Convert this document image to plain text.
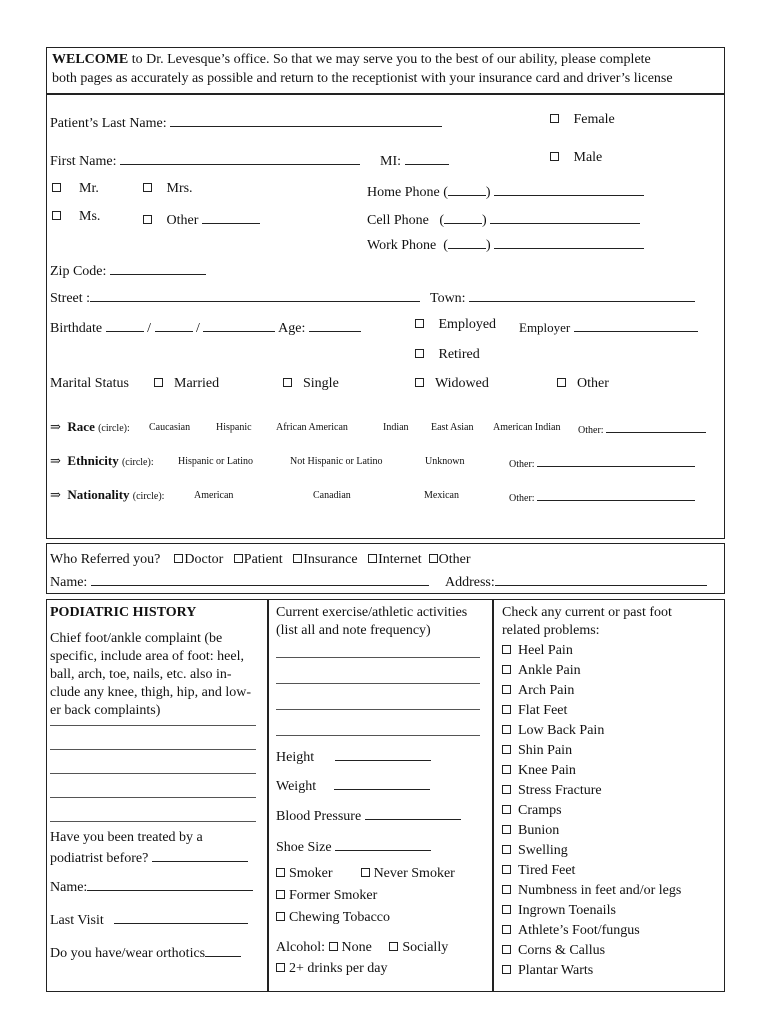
WELCOME to Dr. Levesque’s office. So that we may serve you to the best of our ability, please complete
both pages as accurately as possible and return to the receptionist with your insurance card and driver’s license
Patient’s Last Name:	Female
First Name:	MI:	Male
Mr.	Mrs.
Ms.	Other
Home Phone (	)
Cell Phone   (	)
Work Phone  (	)
Zip Code:
Street :	Town:
Birthdate	/	/	Age:	Employed Employer
Retired
Marital Status	Married	Single	Widowed	Other
⇒ Race (circle): Caucasian	Hispanic African American	Indian East Asian American Indian Other:
⇒ Ethnicity (circle): Hispanic or Latino	Not Hispanic or Latino	Unknown	Other:
⇒ Nationality (circle):	American	Canadian	Mexican	Other:
Who Referred you? Doctor Patient Insurance Internet Other
Name:	Address:
PODIATRIC HISTORY
Chief foot/ankle complaint (be
specific, include area of foot: heel,
ball, arch, toe, nails, etc. also in-
clude any knee, thigh, hip, and low-
er back complaints)
Have you been treated by a
podiatrist before?
Name:
Last Visit
Do you have/wear orthotics
Current exercise/athletic activities
(list all and note frequency)
Height
Weight
Blood Pressure
Shoe Size
Smoker	Never Smoker
Former Smoker
Chewing Tobacco
Alcohol: None Socially
2+ drinks per day
Check any current or past foot
related problems:
Heel Pain
Ankle Pain
Arch Pain
Flat Feet
Low Back Pain
Shin Pain
Knee Pain
Stress Fracture
Cramps
Bunion
Swelling
Tired Feet
Numbness in feet and/or legs
Ingrown Toenails
Athlete’s Foot/fungus
Corns & Callus
Plantar Warts
